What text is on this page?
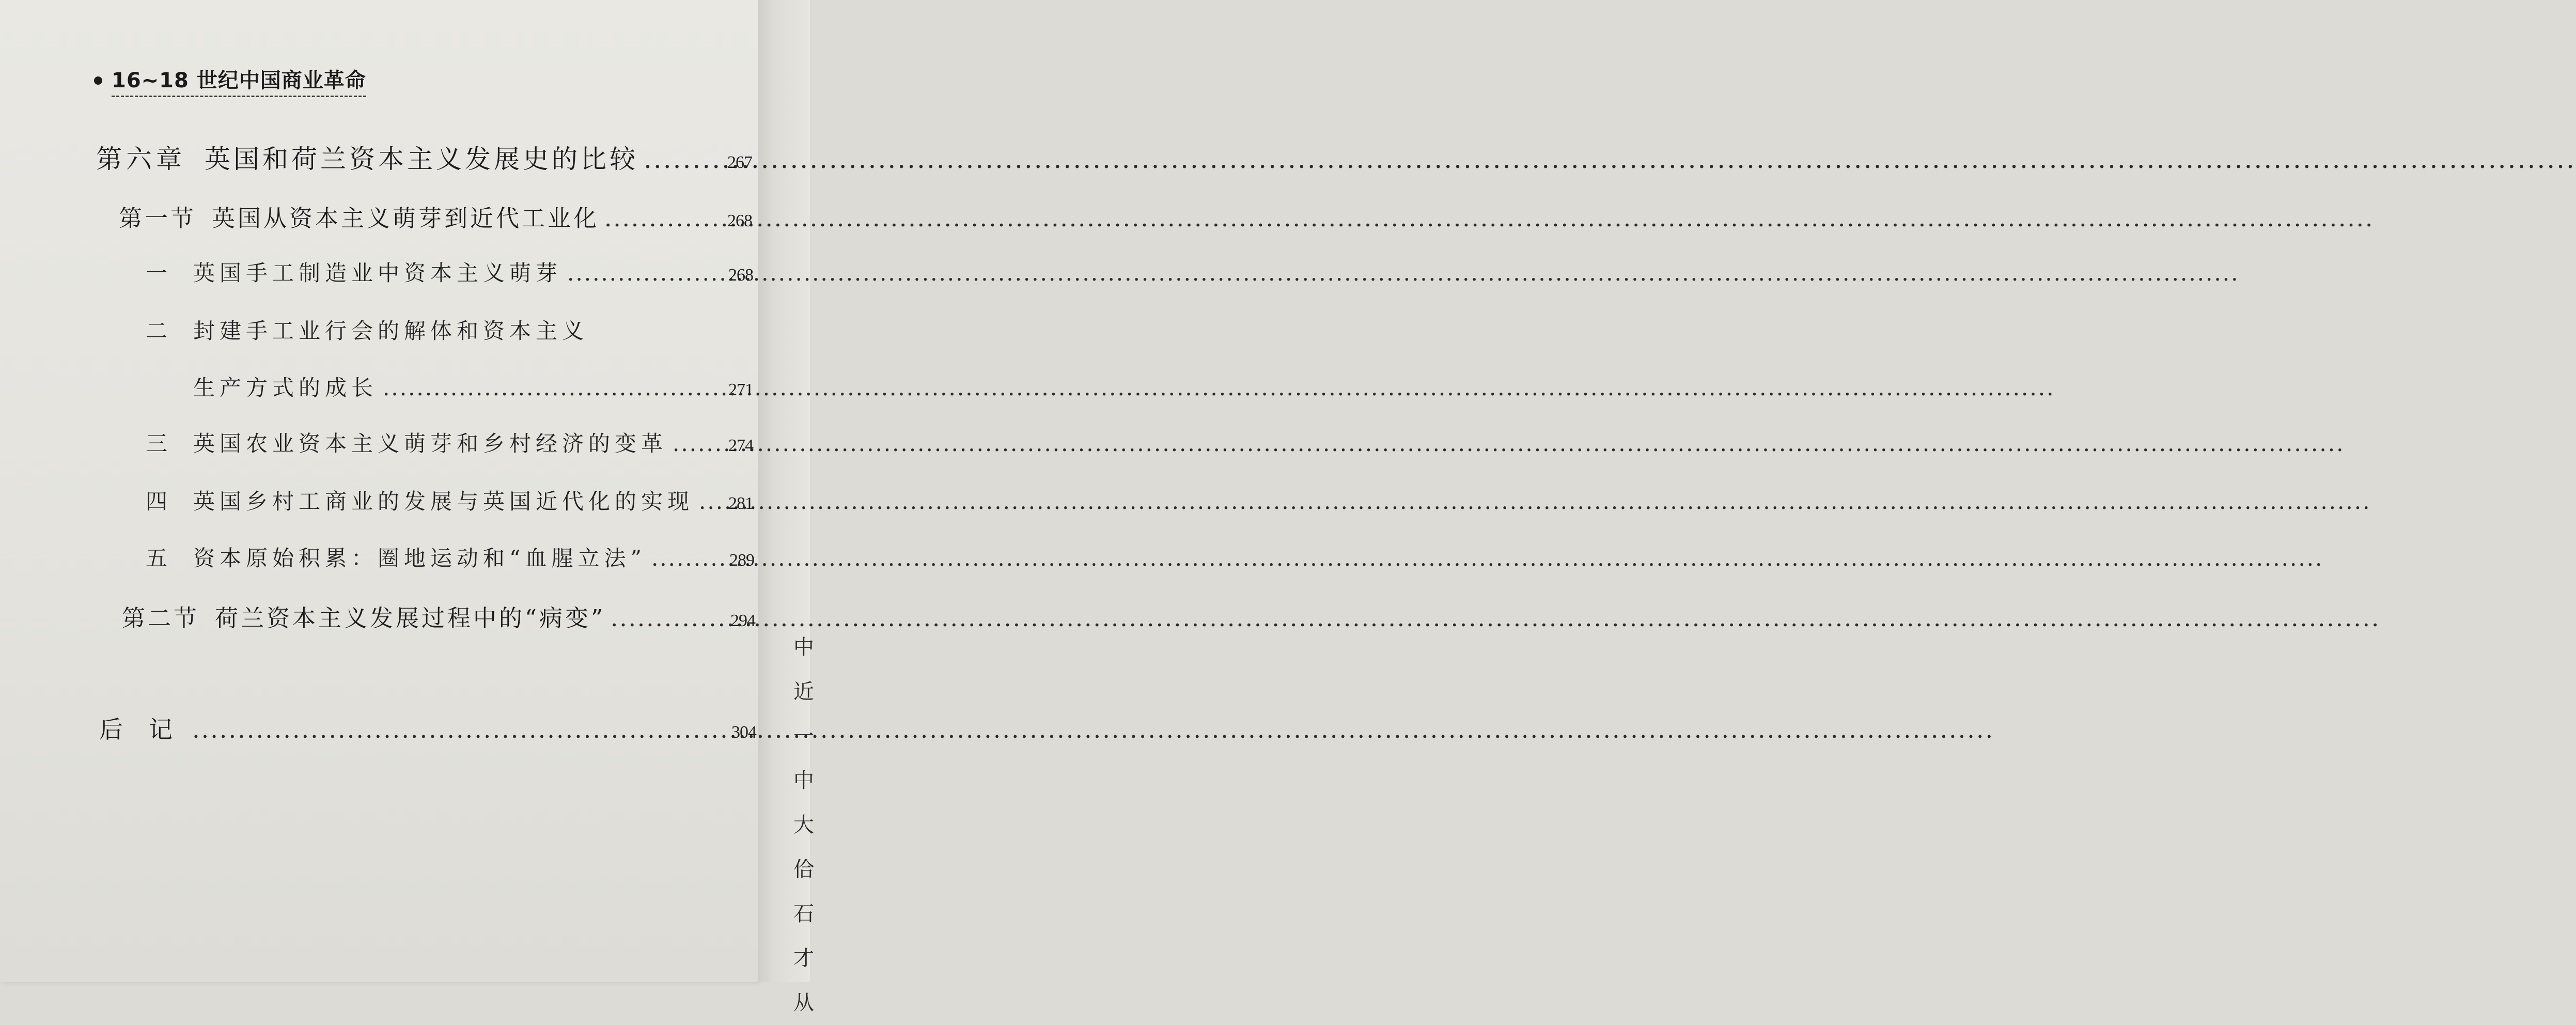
中
近
一
中
大
佮
石
才
从
16~18 世纪中国商业革命
第六章 英国和荷兰资本主义发展史的比较 .....	267
第一节 英国从资本主义萌芽到近代工业化 .....	268
一 英国手工制造业中资本主义萌芽 .....	268
二 封建手工业行会的解体和资本主义
生产方式的成长 .....	271
三 英国农业资本主义萌芽和乡村经济的变革 .....	274
四 英国乡村工商业的发展与英国近代化的实现 ..... 281
五 资本原始积累：圈地运动和“血腥立法” .....	289
第二节 荷兰资本主义发展过程中的“病变” .....	294
后记 .....	304
